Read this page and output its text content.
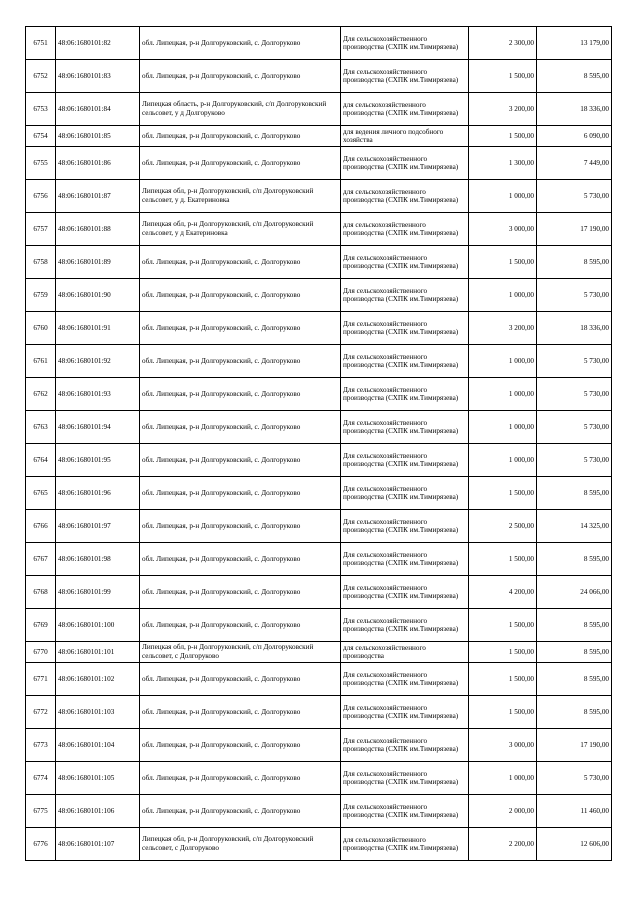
6751	48:06:1680101:82	обл. Липецкая, р-н Долгоруковский, с. Долгоруково	Для сельскохозяйственного производства (СХПК им.Тимирязева)	2 300,00	13 179,00
6752	48:06:1680101:83	обл. Липецкая, р-н Долгоруковский, с. Долгоруково	Для сельскохозяйственного производства (СХПК им.Тимирязева)	1 500,00	8 595,00
6753	48:06:1680101:84	Липецкая область, р-н Долгоруковский, с/п Долгоруковский сельсовет, у д Долгоруково	для сельскохозяйственного производства (СХПК им.Тимирязева)	3 200,00	18 336,00
6754	48:06:1680101:85	обл. Липецкая, р-н Долгоруковский, с. Долгоруково	для ведения личного подсобного хозяйства	1 500,00	6 090,00
6755	48:06:1680101:86	обл. Липецкая, р-н Долгоруковский, с. Долгоруково	Для сельскохозяйственного производства (СХПК им.Тимирязева)	1 300,00	7 449,00
6756	48:06:1680101:87	Липецкая обл, р-н Долгоруковский, с/п Долгоруковский сельсовет, у д. Екатериновка	для сельскохозяйственного производства (СХПК им.Тимирязева)	1 000,00	5 730,00
6757	48:06:1680101:88	Липецкая обл, р-н Долгоруковский, с/п Долгоруковский сельсовет, у д Екатериновка	для сельскохозяйственного производства (СХПК им.Тимирязева)	3 000,00	17 190,00
6758	48:06:1680101:89	обл. Липецкая, р-н Долгоруковский, с. Долгоруково	Для сельскохозяйственного производства (СХПК им.Тимирязева)	1 500,00	8 595,00
6759	48:06:1680101:90	обл. Липецкая, р-н Долгоруковский, с. Долгоруково	Для сельскохозяйственного производства (СХПК им.Тимирязева)	1 000,00	5 730,00
6760	48:06:1680101:91	обл. Липецкая, р-н Долгоруковский, с. Долгоруково	Для сельскохозяйственного производства (СХПК им.Тимирязева)	3 200,00	18 336,00
6761	48:06:1680101:92	обл. Липецкая, р-н Долгоруковский, с. Долгоруково	Для сельскохозяйственного производства (СХПК им.Тимирязева)	1 000,00	5 730,00
6762	48:06:1680101:93	обл. Липецкая, р-н Долгоруковский, с. Долгоруково	Для сельскохозяйственного производства (СХПК им.Тимирязева)	1 000,00	5 730,00
6763	48:06:1680101:94	обл. Липецкая, р-н Долгоруковский, с. Долгоруково	Для сельскохозяйственного производства (СХПК им.Тимирязева)	1 000,00	5 730,00
6764	48:06:1680101:95	обл. Липецкая, р-н Долгоруковский, с. Долгоруково	Для сельскохозяйственного производства (СХПК им.Тимирязева)	1 000,00	5 730,00
6765	48:06:1680101:96	обл. Липецкая, р-н Долгоруковский, с. Долгоруково	Для сельскохозяйственного производства (СХПК им.Тимирязева)	1 500,00	8 595,00
6766	48:06:1680101:97	обл. Липецкая, р-н Долгоруковский, с. Долгоруково	Для сельскохозяйственного производства (СХПК им.Тимирязева)	2 500,00	14 325,00
6767	48:06:1680101:98	обл. Липецкая, р-н Долгоруковский, с. Долгоруково	Для сельскохозяйственного производства (СХПК им.Тимирязева)	1 500,00	8 595,00
6768	48:06:1680101:99	обл. Липецкая, р-н Долгоруковский, с. Долгоруково	Для сельскохозяйственного производства (СХПК им.Тимирязева)	4 200,00	24 066,00
6769	48:06:1680101:100	обл. Липецкая, р-н Долгоруковский, с. Долгоруково	Для сельскохозяйственного производства (СХПК им.Тимирязева)	1 500,00	8 595,00
6770	48:06:1680101:101	Липецкая обл, р-н Долгоруковский, с/п Долгоруковский сельсовет, с Долгоруково	для сельскохозяйственного производства	1 500,00	8 595,00
6771	48:06:1680101:102	обл. Липецкая, р-н Долгоруковский, с. Долгоруково	Для сельскохозяйственного производства (СХПК им.Тимирязева)	1 500,00	8 595,00
6772	48:06:1680101:103	обл. Липецкая, р-н Долгоруковский, с. Долгоруково	Для сельскохозяйственного производства (СХПК им.Тимирязева)	1 500,00	8 595,00
6773	48:06:1680101:104	обл. Липецкая, р-н Долгоруковский, с. Долгоруково	Для сельскохозяйственного производства (СХПК им.Тимирязева)	3 000,00	17 190,00
6774	48:06:1680101:105	обл. Липецкая, р-н Долгоруковский, с. Долгоруково	Для сельскохозяйственного производства (СХПК им.Тимирязева)	1 000,00	5 730,00
6775	48:06:1680101:106	обл. Липецкая, р-н Долгоруковский, с. Долгоруково	Для сельскохозяйственного производства (СХПК им.Тимирязева)	2 000,00	11 460,00
6776	48:06:1680101:107	Липецкая обл, р-н Долгоруковский, с/п Долгоруковский сельсовет, с Долгоруково	для сельскохозяйственного производства (СХПК им.Тимирязева)	2 200,00	12 606,00
